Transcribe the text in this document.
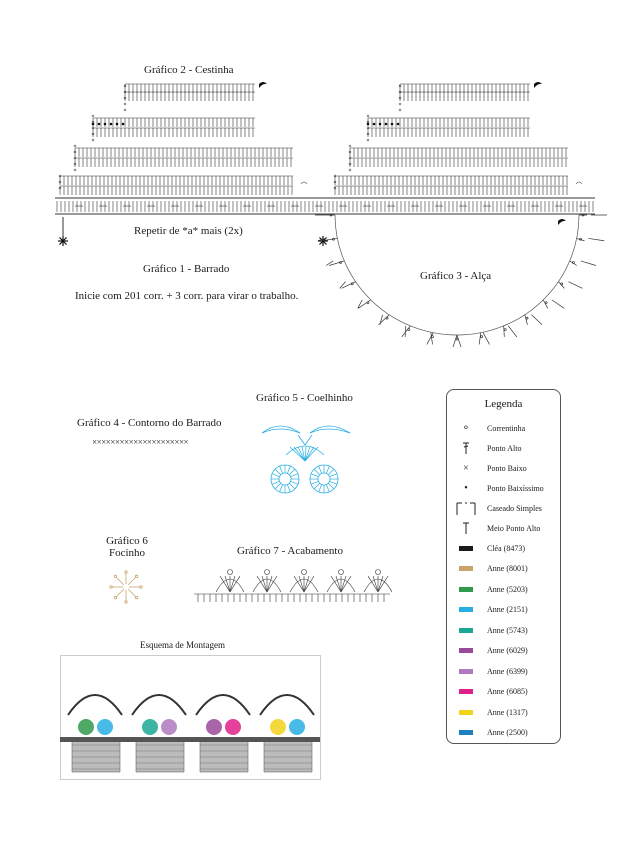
Gráfico 2 - Cestinha
Repetir de *a* mais (2x)
Gráfico 1 - Barrado
Inicie com 201 corr. + 3 corr. para virar o trabalho.
Gráfico 3 - Alça
Gráfico 4 - Contorno do Barrado
×××××××××××××××××××××
Gráfico 5 - Coelhinho
Gráfico 6
Focinho	Gráfico 7 - Acabamento
Esquema de Montagem
Legenda
⚬	Correntinha
Ponto Alto
×	Ponto Baixo
•	Ponto Baixíssimo
Caseado Simples
Meio Ponto Alto
Cléa (8473)
Anne (8001)
Anne (5203)
Anne (2151)
Anne (5743)
Anne (6029)
Anne (6399)
Anne (6085)
Anne (1317)
Anne (2500)
